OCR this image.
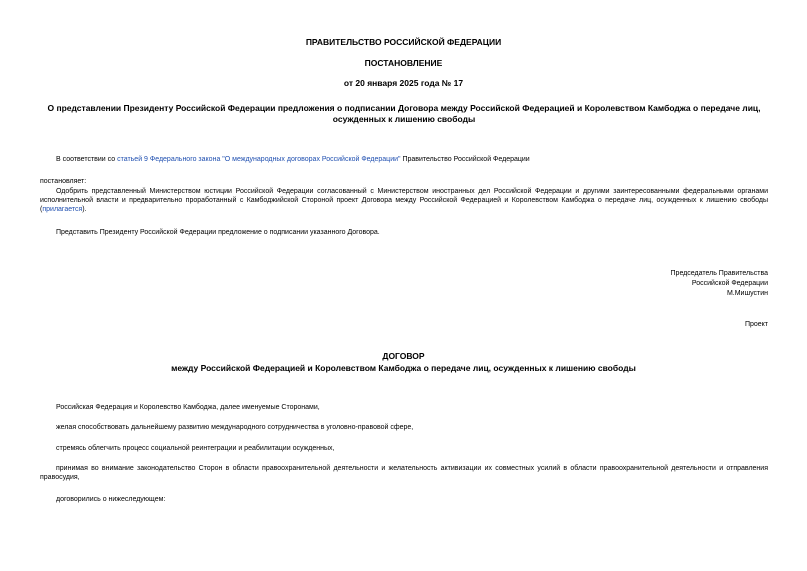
ПРАВИТЕЛЬСТВО РОССИЙСКОЙ ФЕДЕРАЦИИ
ПОСТАНОВЛЕНИЕ
от 20 января 2025 года № 17
О представлении Президенту Российской Федерации предложения о подписании Договора между Российской Федерацией и Королевством Камбоджа о передаче лиц, осужденных к лишению свободы
В соответствии со статьей 9 Федерального закона "О международных договорах Российской Федерации" Правительство Российской Федерации
постановляет:
Одобрить представленный Министерством юстиции Российской Федерации согласованный с Министерством иностранных дел Российской Федерации и другими заинтересованными федеральными органами исполнительной власти и предварительно проработанный с Камбоджийской Стороной проект Договора между Российской Федерацией и Королевством Камбоджа о передаче лиц, осужденных к лишению свободы (прилагается).
Представить Президенту Российской Федерации предложение о подписании указанного Договора.
Председатель Правительства
Российской Федерации
М.Мишустин
Проект
ДОГОВОР
между Российской Федерацией и Королевством Камбоджа о передаче лиц, осужденных к лишению свободы
Российская Федерация и Королевство Камбоджа, далее именуемые Сторонами,
желая способствовать дальнейшему развитию международного сотрудничества в уголовно-правовой сфере,
стремясь облегчить процесс социальной реинтеграции и реабилитации осужденных,
принимая во внимание законодательство Сторон в области правоохранительной деятельности и желательность активизации их совместных усилий в области правоохранительной деятельности и отправления правосудия,
договорились о нижеследующем:
